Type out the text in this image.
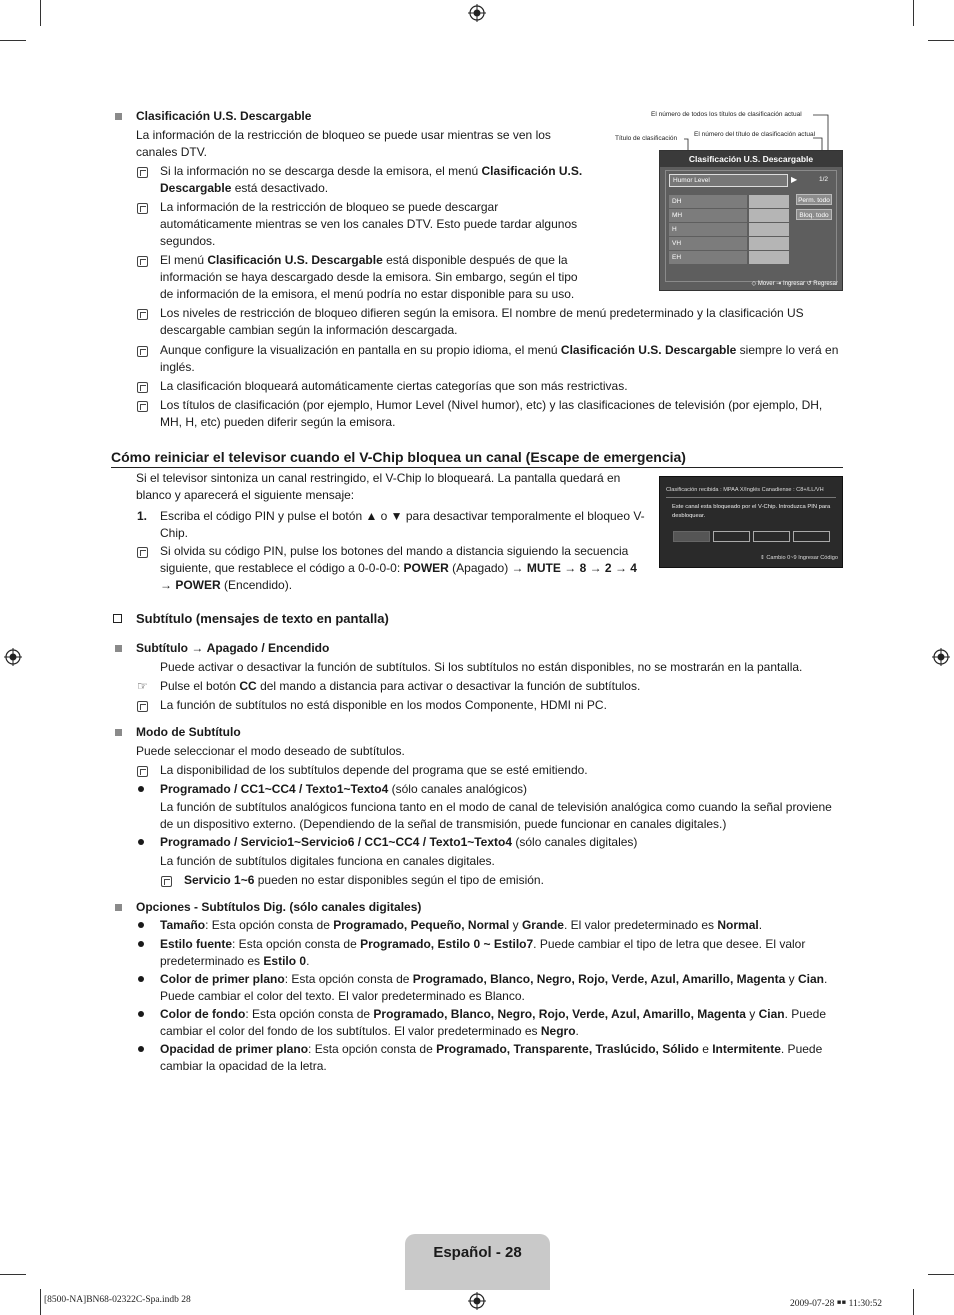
Clasificación U.S. Descargable
La información de la restricción de bloqueo se puede usar mientras se ven los canales DTV.
Si la información no se descarga desde la emisora, el menú Clasificación U.S. Descargable está desactivado.
La información de la restricción de bloqueo se puede descargar automáticamente mientras se ven los canales DTV. Esto puede tardar algunos segundos.
El menú Clasificación U.S. Descargable está disponible después de que la información se haya descargado desde la emisora. Sin embargo, según el tipo de información de la emisora, el menú podría no estar disponible para su uso.
Los niveles de restricción de bloqueo difieren según la emisora. El nombre de menú predeterminado y la clasificación US descargable cambian según la información descargada.
Aunque configure la visualización en pantalla en su propio idioma, el menú Clasificación U.S. Descargable siempre lo verá en inglés.
La clasificación bloqueará automáticamente ciertas categorías que son más restrictivas.
Los títulos de clasificación (por ejemplo, Humor Level (Nivel humor), etc) y las clasificaciones de televisión (por ejemplo, DH, MH, H, etc) pueden diferir según la emisora.
El número de todos los títulos de clasificación actual
El número del título de clasificación actual
Título de clasificación
Clasificación U.S. Descargable
Humor Level	▶	1/2
DH
MH
H
VH
EH
Perm. todo
Bloq. todo
◇ Mover ⇥ Ingresar ↺ Regresar
Cómo reiniciar el televisor cuando el V-Chip bloquea un canal (Escape de emergencia)
Si el televisor sintoniza un canal restringido, el V-Chip lo bloqueará. La pantalla quedará en blanco y aparecerá el siguiente mensaje:
1. Escriba el código PIN y pulse el botón ▲ o ▼ para desactivar temporalmente el bloqueo V-Chip.
Si olvida su código PIN, pulse los botones del mando a distancia siguiendo la secuencia siguiente, que restablece el código a 0-0-0-0: POWER (Apagado) → MUTE → 8 → 2 → 4 → POWER (Encendido).
Clasificación recibida : MPAA X/Inglés Canadiense : C8+/LL/VH
Este canal esta bloqueado por el V-Chip. Introduzca PIN para desbloquear.
⇕ Cambio 0~9 Ingresar Código
Subtítulo (mensajes de texto en pantalla)
Subtítulo → Apagado / Encendido
Puede activar o desactivar la función de subtítulos. Si los subtítulos no están disponibles, no se mostrarán en la pantalla.
☞ Pulse el botón CC del mando a distancia para activar o desactivar la función de subtítulos.
La función de subtítulos no está disponible en los modos Componente, HDMI ni PC.
Modo de Subtítulo
Puede seleccionar el modo deseado de subtítulos.
La disponibilidad de los subtítulos depende del programa que se esté emitiendo.
Programado / CC1~CC4 / Texto1~Texto4 (sólo canales analógicos)
La función de subtítulos analógicos funciona tanto en el modo de canal de televisión analógica como cuando la señal proviene de un dispositivo externo. (Dependiendo de la señal de transmisión, puede funcionar en canales digitales.)
Programado / Servicio1~Servicio6 / CC1~CC4 / Texto1~Texto4 (sólo canales digitales)
La función de subtítulos digitales funciona en canales digitales.
Servicio 1~6 pueden no estar disponibles según el tipo de emisión.
Opciones - Subtítulos Dig. (sólo canales digitales)
Tamaño: Esta opción consta de Programado, Pequeño, Normal y Grande. El valor predeterminado es Normal.
Estilo fuente: Esta opción consta de Programado, Estilo 0 ~ Estilo7. Puede cambiar el tipo de letra que desee. El valor predeterminado es Estilo 0.
Color de primer plano: Esta opción consta de Programado, Blanco, Negro, Rojo, Verde, Azul, Amarillo, Magenta y Cian. Puede cambiar el color del texto. El valor predeterminado es Blanco.
Color de fondo: Esta opción consta de Programado, Blanco, Negro, Rojo, Verde, Azul, Amarillo, Magenta y Cian. Puede cambiar el color del fondo de los subtítulos. El valor predeterminado es Negro.
Opacidad de primer plano: Esta opción consta de Programado, Transparente, Traslúcido, Sólido e Intermitente. Puede cambiar la opacidad de la letra.
Español - 28
[8500-NA]BN68-02322C-Spa.indb 28	2009-07-28 ￭￭ 11:30:52
